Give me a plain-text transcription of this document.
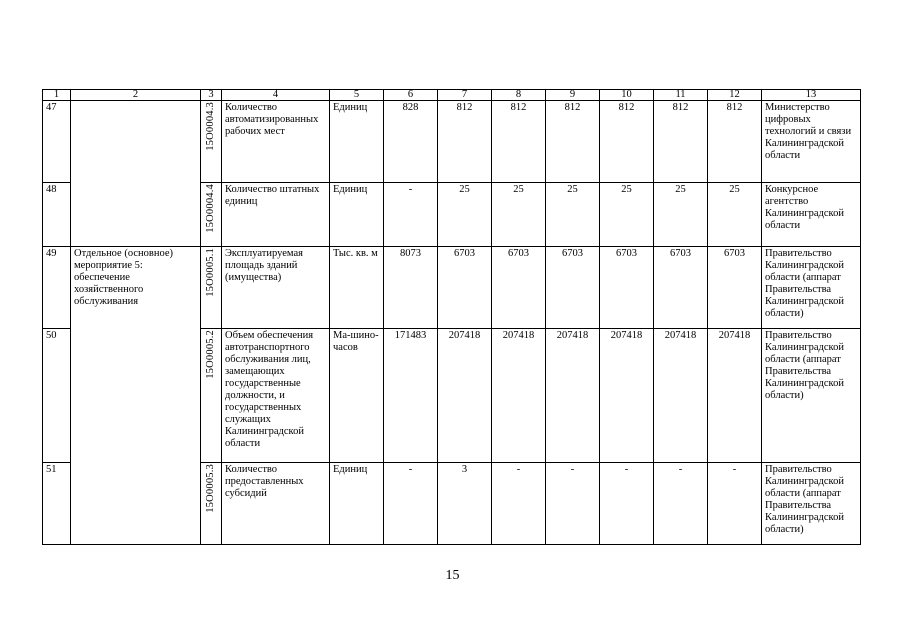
1	2	3	4	5	6	7	8	9	10	11	12	13
47		15О0004.3	Количество автоматизированных рабочих мест	Единиц	828	812	812	812	812	812	812	Министерство цифровых технологий и связи Калининградской области
48		15О0004.4	Количество штатных единиц	Единиц	-	25	25	25	25	25	25	Конкурсное агентство Калининградской области
49	Отдельное (основное) мероприятие 5: обеспечение хозяйственного обслуживания	15О0005.1	Эксплуатируемая площадь зданий (имущества)	Тыс. кв. м	8073	6703	6703	6703	6703	6703	6703	Правительство Калининградской области (аппарат Правительства Калининградской области)
50		15О0005.2	Объем обеспечения автотранспортного обслуживания лиц, замещающих государственные должности, и государственных служащих Калининградской области	Ма-шино-часов	171483	207418	207418	207418	207418	207418	207418	Правительство Калининградской области (аппарат Правительства Калининградской области)
51		15О0005.3	Количество предоставленных субсидий	Единиц	-	3	-	-	-	-	-	Правительство Калининградской области (аппарат Правительства Калининградской области)
15
